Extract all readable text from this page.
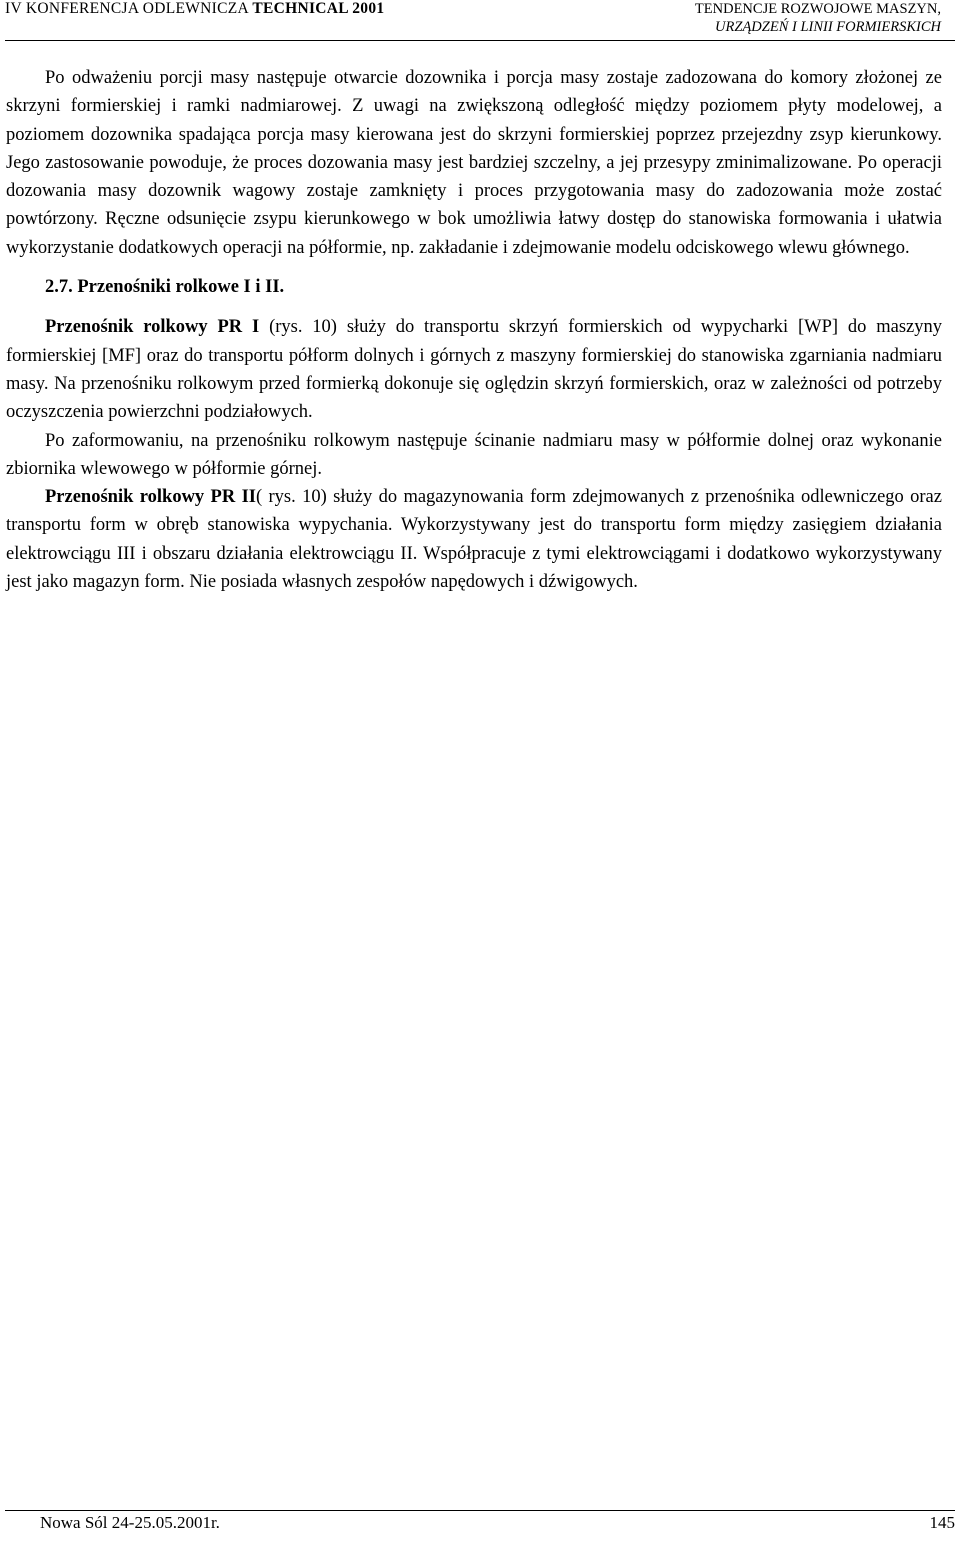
IV KONFERENCJA ODLEWNICZA TECHNICAL 2001	TENDENCJE ROZWOJOWE MASZYN,
URZĄDZEŃ I LINII FORMIERSKICH

Po odważeniu porcji masy następuje otwarcie dozownika i porcja masy zostaje zadozowana do komory złożonej ze skrzyni formierskiej i ramki nadmiarowej. Z uwagi na zwiększoną odległość między poziomem płyty modelowej, a poziomem dozownika spadająca porcja masy kierowana jest do skrzyni formierskiej poprzez przejezdny zsyp kierunkowy. Jego zastosowanie powoduje, że proces dozowania masy jest bardziej szczelny, a jej przesypy zminimalizowane. Po operacji dozowania masy dozownik wagowy zostaje zamknięty i proces przygotowania masy do zadozowania może zostać powtórzony. Ręczne odsunięcie zsypu kierunkowego w bok umożliwia łatwy dostęp do stanowiska formowania i ułatwia wykorzystanie dodatkowych operacji na półformie, np. zakładanie i zdejmowanie modelu odciskowego wlewu głównego.

2.7. Przenośniki rolkowe I i II.

Przenośnik rolkowy PR I (rys. 10) służy do transportu skrzyń formierskich od wypycharki [WP] do maszyny formierskiej [MF] oraz do transportu półform dolnych i górnych z maszyny formierskiej do stanowiska zgarniania nadmiaru masy. Na przenośniku rolkowym przed formierką dokonuje się oględzin skrzyń formierskich, oraz w zależności od potrzeby oczyszczenia powierzchni podziałowych.

Po zaformowaniu, na przenośniku rolkowym następuje ścinanie nadmiaru masy w półformie dolnej oraz wykonanie zbiornika wlewowego w półformie górnej.

Przenośnik rolkowy PR II( rys. 10) służy do magazynowania form zdejmowanych z przenośnika odlewniczego oraz transportu form w obręb stanowiska wypychania. Wykorzystywany jest do transportu form między zasięgiem działania elektrowciągu III i obszaru działania elektrowciągu II. Współpracuje z tymi elektrowciągami i dodatkowo wykorzystywany jest jako magazyn form. Nie posiada własnych zespołów napędowych i dźwigowych.

Nowa Sól 24-25.05.2001r.	145
